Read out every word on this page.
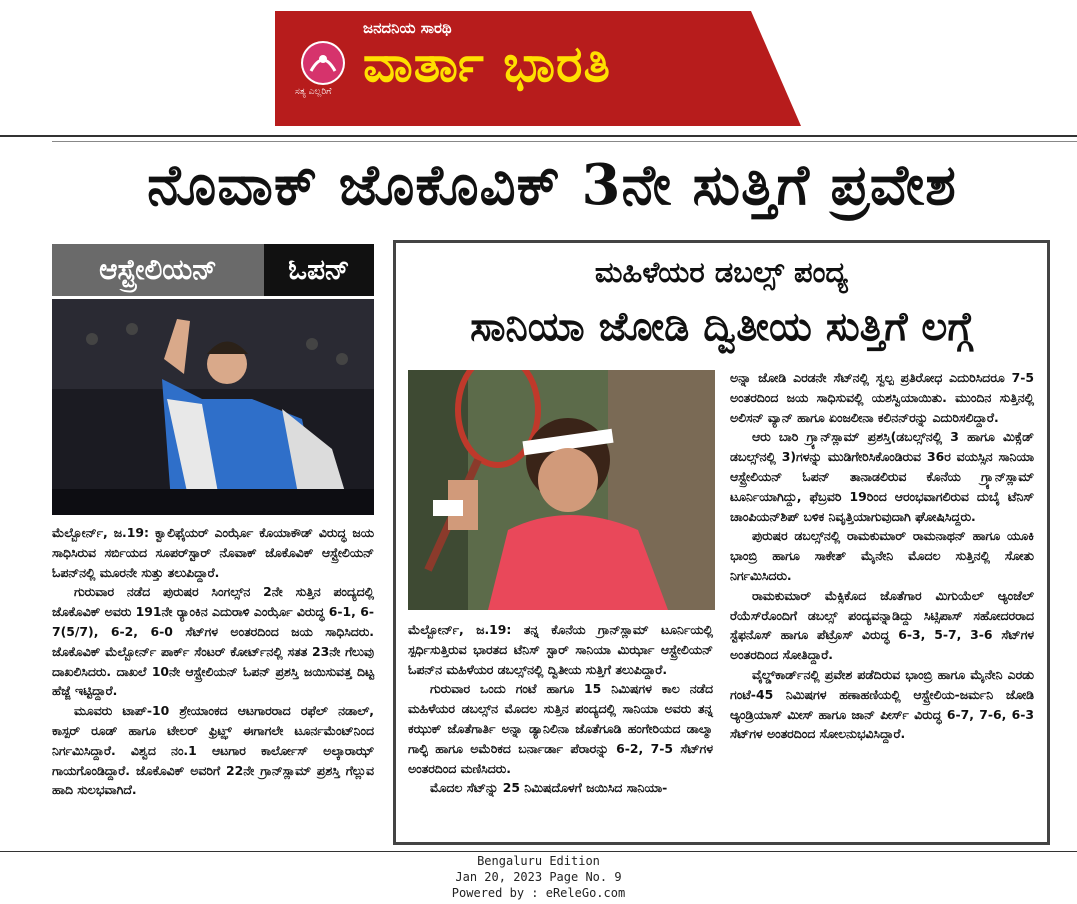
ಸತ್ಯ ಎಲ್ಲರಿಗೆ
ಜನದನಿಯ ಸಾರಥಿ
ವಾರ್ತಾ ಭಾರತಿ
ನೊವಾಕ್ ಜೊಕೊವಿಕ್ 3ನೇ ಸುತ್ತಿಗೆ ಪ್ರವೇಶ
ಆಸ್ಟ್ರೇಲಿಯನ್	ಓಪನ್

ಮೆಲ್ಬೋರ್ನ್, ಜ.19: ಕ್ವಾಲಿಫೈಯರ್ ಎಂರ್ಝೊ ಕೊಯಾಕೌಡ್ ವಿರುದ್ಧ ಜಯ ಸಾಧಿಸಿರುವ ಸರ್ಬಿಯದ ಸೂಪರ್‌ಸ್ಟಾರ್ ನೊವಾಕ್ ಜೊಕೊವಿಕ್ ಆಸ್ಟ್ರೇಲಿಯನ್ ಓಪನ್‌ನಲ್ಲಿ ಮೂರನೇ ಸುತ್ತು ತಲುಪಿದ್ದಾರೆ.

ಗುರುವಾರ ನಡೆದ ಪುರುಷರ ಸಿಂಗಲ್ಸ್‌ನ 2ನೇ ಸುತ್ತಿನ ಪಂದ್ಯದಲ್ಲಿ ಜೊಕೊವಿಕ್ ಅವರು 191ನೇ ರ್‍ಯಾಂಕಿನ ಎದುರಾಳಿ ಎಂರ್ಝೊ ವಿರುದ್ಧ 6-1, 6-7(5/7), 6-2, 6-0 ಸೆಟ್‌ಗಳ ಅಂತರದಿಂದ ಜಯ ಸಾಧಿಸಿದರು. ಜೊಕೊವಿಕ್ ಮೆಲ್ಬೋರ್ನ್ ಪಾರ್ಕ್ ಸೆಂಟರ್ ಕೋರ್ಟ್‌ನಲ್ಲಿ ಸತತ 23ನೇ ಗೆಲುವು ದಾಖಲಿಸಿದರು. ದಾಖಲೆ 10ನೇ ಆಸ್ಟ್ರೇಲಿಯನ್ ಓಪನ್ ಪ್ರಶಸ್ತಿ ಜಯಿಸುವತ್ತ ದಿಟ್ಟ ಹೆಜ್ಜೆ ಇಟ್ಟಿದ್ದಾರೆ.

ಮೂವರು ಟಾಪ್-10 ಶ್ರೇಯಾಂಕದ ಆಟಗಾರರಾದ ರಫೆಲ್ ನಡಾಲ್, ಕಾಸ್ಪರ್ ರೂಡ್ ಹಾಗೂ ಟೇಲರ್ ಫ್ರಿಟ್ಝ್ ಈಗಾಗಲೇ ಟೂರ್ನಮೆಂಟ್‌ನಿಂದ ನಿರ್ಗಮಿಸಿದ್ದಾರೆ. ವಿಶ್ವದ ನಂ.1 ಆಟಗಾರ ಕಾರ್ಲೋಸ್ ಅಲ್ಕಾರಾಝ್ ಗಾಯಗೊಂಡಿದ್ದಾರೆ. ಜೊಕೊವಿಕ್ ಅವರಿಗೆ 22ನೇ ಗ್ರಾನ್‌ಸ್ಲಾಮ್ ಪ್ರಶಸ್ತಿ ಗೆಲ್ಲುವ ಹಾದಿ ಸುಲಭವಾಗಿದೆ.

ಮಹಿಳೆಯರ ಡಬಲ್ಸ್ ಪಂದ್ಯ
ಸಾನಿಯಾ ಜೋಡಿ ದ್ವಿತೀಯ ಸುತ್ತಿಗೆ ಲಗ್ಗೆ

ಮೆಲ್ಬೋರ್ನ್, ಜ.19: ತನ್ನ ಕೊನೆಯ ಗ್ರಾನ್‌ಸ್ಲಾಮ್ ಟೂರ್ನಿಯಲ್ಲಿ ಸ್ಪರ್ಧಿಸುತ್ತಿರುವ ಭಾರತದ ಟೆನಿಸ್ ಸ್ಟಾರ್ ಸಾನಿಯಾ ಮಿರ್ಝಾ ಆಸ್ಟ್ರೇಲಿಯನ್ ಓಪನ್‌ನ ಮಹಿಳೆಯರ ಡಬಲ್ಸ್‌ನಲ್ಲಿ ದ್ವಿತೀಯ ಸುತ್ತಿಗೆ ತಲುಪಿದ್ದಾರೆ.

ಗುರುವಾರ ಒಂದು ಗಂಟೆ ಹಾಗೂ 15 ನಿಮಿಷಗಳ ಕಾಲ ನಡೆದ ಮಹಿಳೆಯರ ಡಬಲ್ಸ್‌ನ ಮೊದಲ ಸುತ್ತಿನ ಪಂದ್ಯದಲ್ಲಿ ಸಾನಿಯಾ ಅವರು ತನ್ನ ಕಝುಕ್ ಜೊತೆಗಾರ್ತಿ ಅನ್ನಾ ಡ್ಯಾನಿಲಿನಾ ಜೊತೆಗೂಡಿ ಹಂಗೇರಿಯದ ಡಾಲ್ಮಾ ಗಾಲ್ಫಿ ಹಾಗೂ ಅಮೆರಿಕದ ಬರ್ನಾರ್ಡಾ ಪೆರಾರನ್ನು 6-2, 7-5 ಸೆಟ್‌ಗಳ ಅಂತರದಿಂದ ಮಣಿಸಿದರು.

ಮೊದಲ ಸೆಟ್‌ನ್ನು 25 ನಿಮಿಷದೊಳಗೆ ಜಯಿಸಿದ ಸಾನಿಯಾ-

ಅನ್ನಾ ಜೋಡಿ ಎರಡನೇ ಸೆಟ್‌ನಲ್ಲಿ ಸ್ವಲ್ಪ ಪ್ರತಿರೋಧ ಎದುರಿಸಿದರೂ 7-5 ಅಂತರದಿಂದ ಜಯ ಸಾಧಿಸುವಲ್ಲಿ ಯಶಸ್ವಿಯಾಯಿತು. ಮುಂದಿನ ಸುತ್ತಿನಲ್ಲಿ ಅಲಿಸನ್ ವ್ಯಾನ್ ಹಾಗೂ ಏಂಜಲೀನಾ ಕಲಿನನ್‌ರನ್ನು ಎದುರಿಸಲಿದ್ದಾರೆ.

ಆರು ಬಾರಿ ಗ್ರ್ಯಾನ್‌ಸ್ಲಾಮ್ ಪ್ರಶಸ್ತಿ(ಡಬಲ್ಸ್‌ನಲ್ಲಿ 3 ಹಾಗೂ ಮಿಕ್ಸೆಡ್ ಡಬಲ್ಸ್‌ನಲ್ಲಿ 3)ಗಳನ್ನು ಮುಡಿಗೇರಿಸಿಕೊಂಡಿರುವ 36ರ ವಯಸ್ಸಿನ ಸಾನಿಯಾ ಆಸ್ಟ್ರೇಲಿಯನ್ ಓಪನ್ ತಾನಾಡಲಿರುವ ಕೊನೆಯ ಗ್ರ್ಯಾನ್‌ಸ್ಲಾಮ್ ಟೂರ್ನಿಯಾಗಿದ್ದು, ಫೆಬ್ರವರಿ 19ರಿಂದ ಆರಂಭವಾಗಲಿರುವ ದುಬೈ ಟೆನಿಸ್ ಚಾಂಪಿಯನ್‌ಶಿಪ್ ಬಳಿಕ ನಿವೃತ್ತಿಯಾಗುವುದಾಗಿ ಘೋಷಿಸಿದ್ದರು.

ಪುರುಷರ ಡಬಲ್ಸ್‌ನಲ್ಲಿ ರಾಮಕುಮಾರ್ ರಾಮನಾಥನ್ ಹಾಗೂ ಯೂಕಿ ಭಾಂಬ್ರಿ ಹಾಗೂ ಸಾಕೇತ್ ಮೈನೇನಿ ಮೊದಲ ಸುತ್ತಿನಲ್ಲಿ ಸೋತು ನಿರ್ಗಮಿಸಿದರು.

ರಾಮಕುಮಾರ್ ಮೆಕ್ಸಿಕೊದ ಜೊತೆಗಾರ ಮಿಗುಯೆಲ್ ಆ್ಯಂಜೆಲ್ ರೆಯೆಸ್‌ರೊಂದಿಗೆ ಡಬಲ್ಸ್ ಪಂದ್ಯವನ್ನಾಡಿದ್ದು ಸಿಟ್ಸಿಪಾಸ್ ಸಹೋದರರಾದ ಸ್ಟೆಫನೊಸ್ ಹಾಗೂ ಪೆಟ್ರೊಸ್ ವಿರುದ್ಧ 6-3, 5-7, 3-6 ಸೆಟ್‌ಗಳ ಅಂತರದಿಂದ ಸೋತಿದ್ದಾರೆ.

ವೈಲ್ಡ್‌ಕಾರ್ಡ್‌ನಲ್ಲಿ ಪ್ರವೇಶ ಪಡೆದಿರುವ ಭಾಂಬ್ರಿ ಹಾಗೂ ಮೈನೇನಿ ಎರಡು ಗಂಟೆ-45 ನಿಮಿಷಗಳ ಹಣಾಹಣಿಯಲ್ಲಿ ಆಸ್ಟ್ರೇಲಿಯ-ಜರ್ಮನಿ ಜೋಡಿ ಆ್ಯಂಡ್ರಿಯಾಸ್ ಮೀಸ್ ಹಾಗೂ ಜಾನ್ ಪೀರ್ಸ್ ವಿರುದ್ಧ 6-7, 7-6, 6-3 ಸೆಟ್‌ಗಳ ಅಂತರದಿಂದ ಸೋಲನುಭವಿಸಿದ್ದಾರೆ.

Bengaluru Edition
Jan 20, 2023 Page No. 9
Powered by : eReleGo.com
